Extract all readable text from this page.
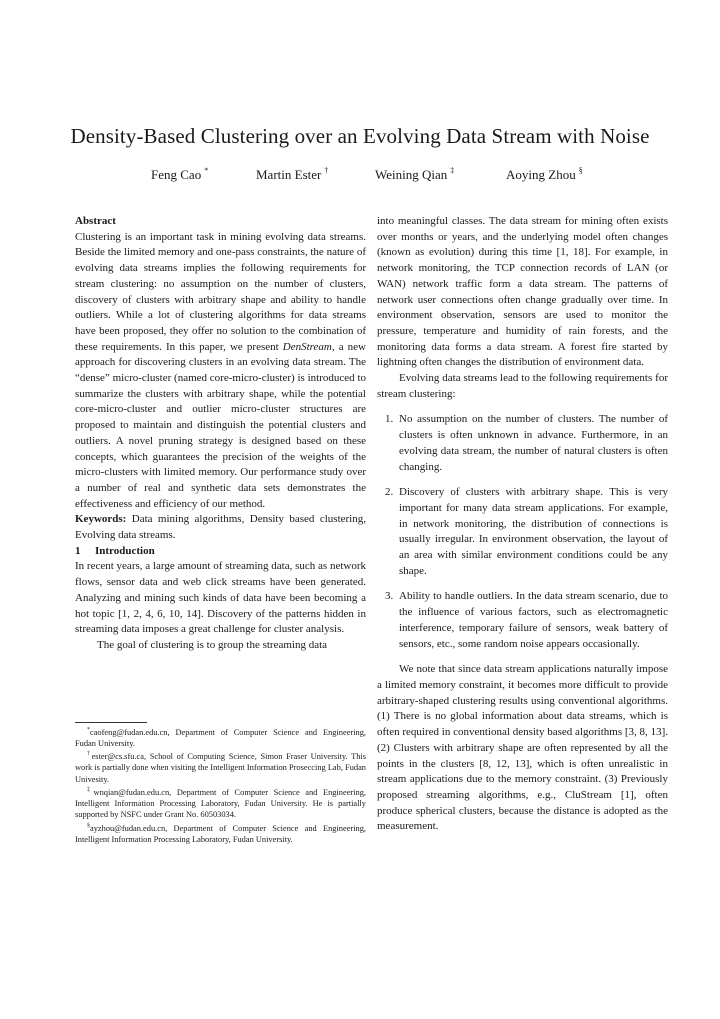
Density-Based Clustering over an Evolving Data Stream with Noise
Feng Cao *	Martin Ester †	Weining Qian ‡	Aoying Zhou §

Abstract

Clustering is an important task in mining evolving data streams. Beside the limited memory and one-pass constraints, the nature of evolving data streams implies the following requirements for stream clustering: no assumption on the number of clusters, discovery of clusters with arbitrary shape and ability to handle outliers. While a lot of clustering algorithms for data streams have been proposed, they offer no solution to the combination of these requirements. In this paper, we present DenStream, a new approach for discovering clusters in an evolving data stream. The “dense” micro-cluster (named core-micro-cluster) is introduced to summarize the clusters with arbitrary shape, while the potential core-micro-cluster and outlier micro-cluster structures are proposed to maintain and distinguish the potential clusters and outliers. A novel pruning strategy is designed based on these concepts, which guarantees the precision of the weights of the micro-clusters with limited memory. Our performance study over a number of real and synthetic data sets demonstrates the effectiveness and efficiency of our method.

Keywords: Data mining algorithms, Density based clustering, Evolving data streams.

1 Introduction

In recent years, a large amount of streaming data, such as network flows, sensor data and web click streams have been generated. Analyzing and mining such kinds of data have been becoming a hot topic [1, 2, 4, 6, 10, 14]. Discovery of the patterns hidden in streaming data imposes a great challenge for cluster analysis.

The goal of clustering is to group the streaming data

*caofeng@fudan.edu.cn, Department of Computer Science and Engineering, Fudan University.

†ester@cs.sfu.ca, School of Computing Science, Simon Fraser University. This work is partially done when visiting the Intelligent Information Proseccing Lab, Fudan Univesity.

‡wnqian@fudan.edu.cn, Department of Computer Science and Engineering, Intelligent Information Processing Laboratory, Fudan University. He is partially supported by NSFC under Grant No. 60503034.

§ayzhou@fudan.edu.cn, Department of Computer Science and Engineering, Intelligent Information Processing Laboratory, Fudan University.

into meaningful classes. The data stream for mining often exists over months or years, and the underlying model often changes (known as evolution) during this time [1, 18]. For example, in network monitoring, the TCP connection records of LAN (or WAN) network traffic form a data stream. The patterns of network user connections often change gradually over time. In environment observation, sensors are used to monitor the pressure, temperature and humidity of rain forests, and the monitoring data forms a data stream. A forest fire started by lightning often changes the distribution of environment data.

Evolving data streams lead to the following requirements for stream clustering:

1. No assumption on the number of clusters. The number of clusters is often unknown in advance. Furthermore, in an evolving data stream, the number of natural clusters is often changing.
2. Discovery of clusters with arbitrary shape. This is very important for many data stream applications. For example, in network monitoring, the distribution of connections is usually irregular. In environment observation, the layout of an area with similar environment conditions could be any shape.
3. Ability to handle outliers. In the data stream scenario, due to the influence of various factors, such as electromagnetic interference, temporary failure of sensors, weak battery of sensors, etc., some random noise appears occasionally.

We note that since data stream applications naturally impose a limited memory constraint, it becomes more difficult to provide arbitrary-shaped clustering results using conventional algorithms. (1) There is no global information about data streams, which is often required in conventional density based algorithms [3, 8, 13]. (2) Clusters with arbitrary shape are often represented by all the points in the clusters [8, 12, 13], which is often unrealistic in stream applications due to the memory constraint. (3) Previously proposed streaming algorithms, e.g., CluStream [1], often produce spherical clusters, because the distance is adopted as the measurement.
